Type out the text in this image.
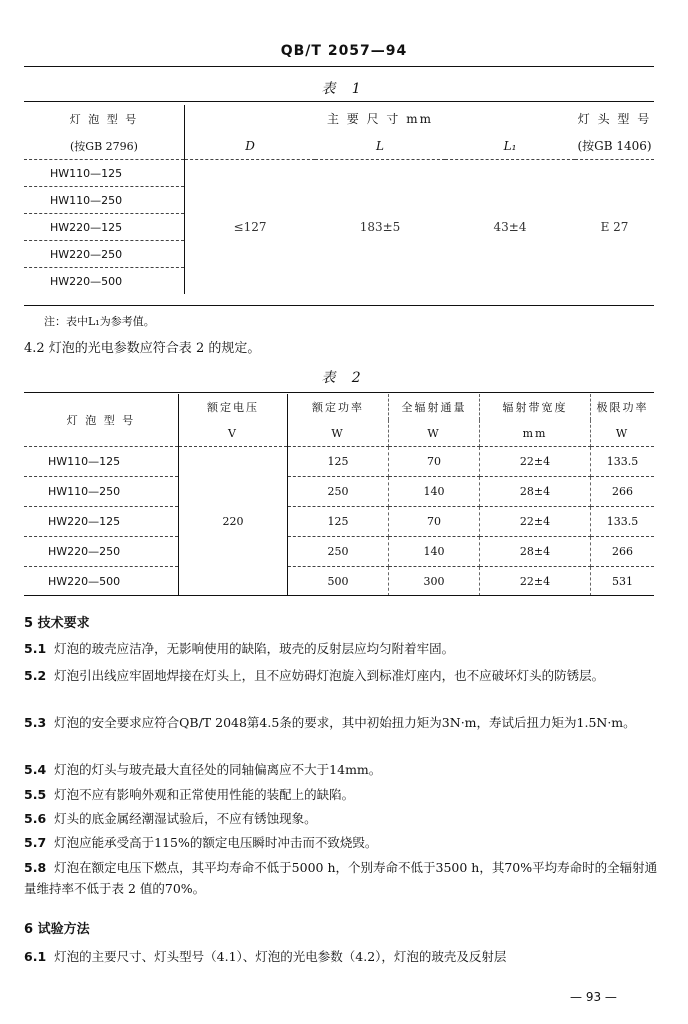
QB/T 2057—94
表 1
灯 泡 型 号	主 要 尺 寸 mm			灯 头 型 号
(按GB 2796)	D	L	L₁	(按GB 1406)
HW110—125	≤127	183±5	43±4	E 27
HW110—250				
HW220—125				
HW220—250				
HW220—500				
注：表中L₁为参考值。
4.2 灯泡的光电参数应符合表 2 的规定。
表 2
灯 泡 型 号	额定电压	额定功率	全辐射通量	辐射带宽度	极限功率
	V	W	W	mm	W
HW110—125	220	125	70	22±4	133.5
HW110—250		250	140	28±4	266
HW220—125		125	70	22±4	133.5
HW220—250		250	140	28±4	266
HW220—500		500	300	22±4	531
5 技术要求
5.1 灯泡的玻壳应洁净，无影响使用的缺陷，玻壳的反射层应均匀附着牢固。
5.2 灯泡引出线应牢固地焊接在灯头上，且不应妨碍灯泡旋入到标准灯座内，也不应破坏灯头的防锈层。
5.3 灯泡的安全要求应符合QB/T 2048第4.5条的要求，其中初始扭力矩为3N·m，寿试后扭力矩为1.5N·m。
5.4 灯泡的灯头与玻壳最大直径处的同轴偏离应不大于14mm。
5.5 灯泡不应有影响外观和正常使用性能的装配上的缺陷。
5.6 灯头的底金属经潮湿试验后，不应有锈蚀现象。
5.7 灯泡应能承受高于115%的额定电压瞬时冲击而不致烧毁。
5.8 灯泡在额定电压下燃点，其平均寿命不低于5000 h，个别寿命不低于3500 h，其70%平均寿命时的全辐射通量维持率不低于表 2 值的70%。
6 试验方法
6.1 灯泡的主要尺寸、灯头型号（4.1）、灯泡的光电参数（4.2），灯泡的玻壳及反射层
— 93 —
